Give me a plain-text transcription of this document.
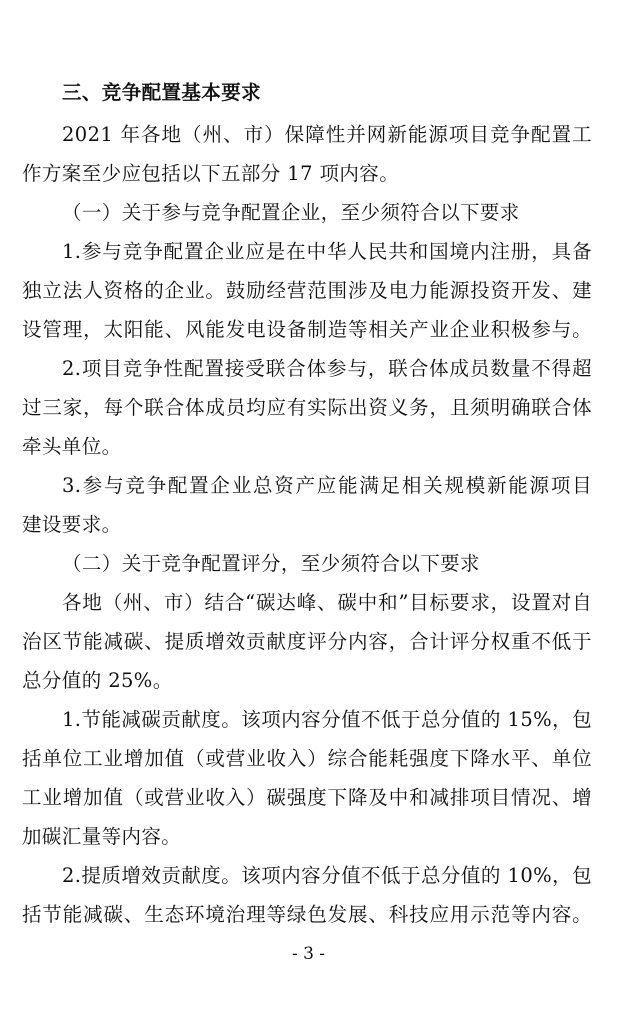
三、竞争配置基本要求
2021 年各地（州、市）保障性并网新能源项目竞争配置工
作方案至少应包括以下五部分 17 项内容。
（一）关于参与竞争配置企业，至少须符合以下要求
1.参与竞争配置企业应是在中华人民共和国境内注册，具备
独立法人资格的企业。鼓励经营范围涉及电力能源投资开发、建
设管理，太阳能、风能发电设备制造等相关产业企业积极参与。
2.项目竞争性配置接受联合体参与，联合体成员数量不得超
过三家，每个联合体成员均应有实际出资义务，且须明确联合体
牵头单位。
3.参与竞争配置企业总资产应能满足相关规模新能源项目
建设要求。
（二）关于竞争配置评分，至少须符合以下要求
各地（州、市）结合“碳达峰、碳中和”目标要求，设置对自
治区节能减碳、提质增效贡献度评分内容，合计评分权重不低于
总分值的 25%。
1.节能减碳贡献度。该项内容分值不低于总分值的 15%，包
括单位工业增加值（或营业收入）综合能耗强度下降水平、单位
工业增加值（或营业收入）碳强度下降及中和减排项目情况、增
加碳汇量等内容。
2.提质增效贡献度。该项内容分值不低于总分值的 10%，包
括节能减碳、生态环境治理等绿色发展、科技应用示范等内容。
- 3 -
